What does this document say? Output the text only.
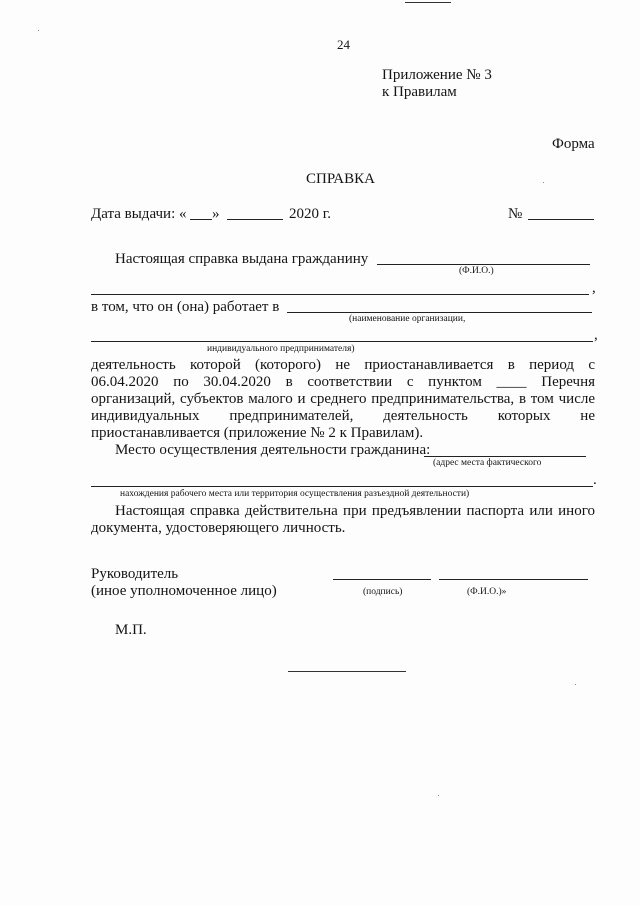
24
Приложение № 3
к Правилам
Форма
СПРАВКА
Дата выдачи: « »	2020 г.	№
Настоящая справка выдана гражданину
(Ф.И.О.)
,
в том, что он (она) работает в
(наименование организации,
,
индивидуального предпринимателя)
деятельность которой (которого) не приостанавливается в период с
06.04.2020 по 30.04.2020 в соответствии с пунктом ____ Перечня
организаций, субъектов малого и среднего предпринимательства, в том числе
индивидуальных предпринимателей, деятельность которых не
приостанавливается (приложение № 2 к Правилам).
Место осуществления деятельности гражданина:
(адрес места фактического
.
нахождения рабочего места или территория осуществления разъездной деятельности)
Настоящая справка действительна при предъявлении паспорта или иного
документа, удостоверяющего личность.
Руководитель
(иное уполномоченное лицо)	(подпись)	(Ф.И.О.)»
М.П.
